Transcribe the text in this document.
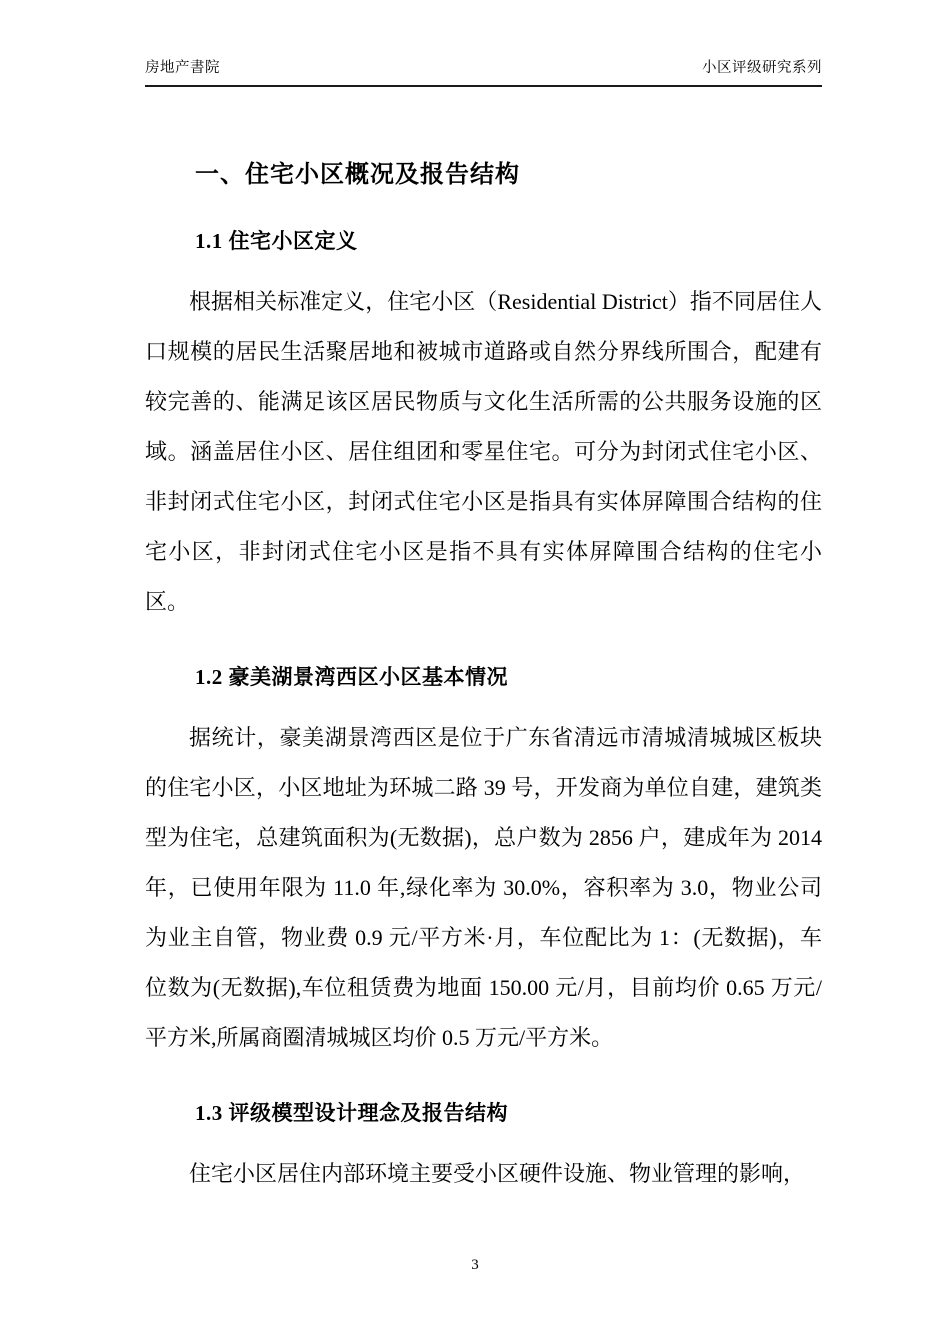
房地产書院	小区评级研究系列
一、住宅小区概况及报告结构
1.1 住宅小区定义

根据相关标准定义，住宅小区（Residential District）指不同居住人口规模的居民生活聚居地和被城市道路或自然分界线所围合，配建有较完善的、能满足该区居民物质与文化生活所需的公共服务设施的区域。涵盖居住小区、居住组团和零星住宅。可分为封闭式住宅小区、非封闭式住宅小区，封闭式住宅小区是指具有实体屏障围合结构的住宅小区，非封闭式住宅小区是指不具有实体屏障围合结构的住宅小区。

1.2 豪美湖景湾西区小区基本情况

据统计，豪美湖景湾西区是位于广东省清远市清城清城城区板块的住宅小区，小区地址为环城二路 39 号，开发商为单位自建，建筑类型为住宅，总建筑面积为(无数据)，总户数为 2856 户，建成年为 2014 年，已使用年限为 11.0 年,绿化率为 30.0%，容积率为 3.0，物业公司为业主自管，物业费 0.9 元/平方米·月，车位配比为 1：(无数据)，车位数为(无数据),车位租赁费为地面 150.00 元/月，目前均价 0.65 万元/平方米,所属商圈清城城区均价 0.5 万元/平方米。

1.3 评级模型设计理念及报告结构

住宅小区居住内部环境主要受小区硬件设施、物业管理的影响，

3
